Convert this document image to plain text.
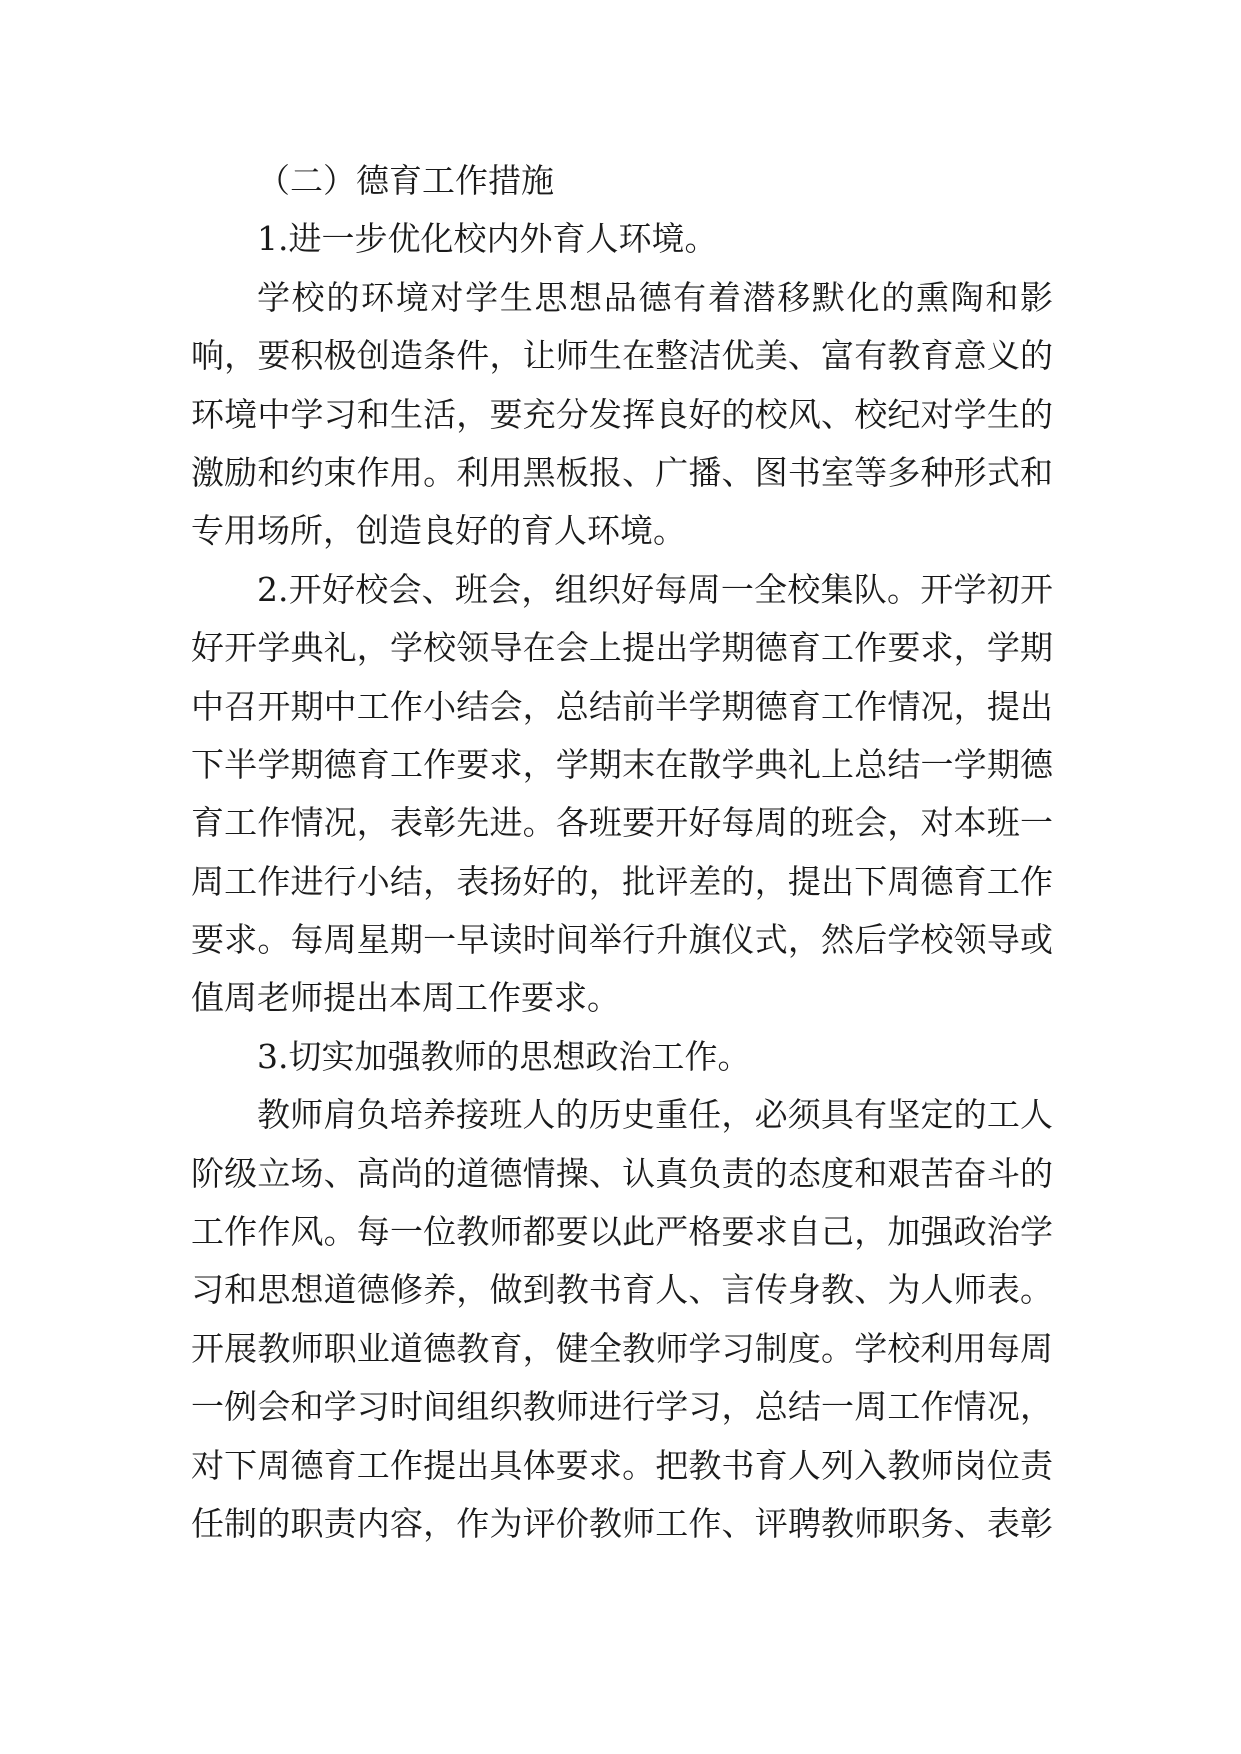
（二）德育工作措施
1.进一步优化校内外育人环境。
学校的环境对学生思想品德有着潜移默化的熏陶和影
响，要积极创造条件，让师生在整洁优美、富有教育意义的
环境中学习和生活，要充分发挥良好的校风、校纪对学生的
激励和约束作用。利用黑板报、广播、图书室等多种形式和
专用场所，创造良好的育人环境。
2.开好校会、班会，组织好每周一全校集队。开学初开
好开学典礼，学校领导在会上提出学期德育工作要求，学期
中召开期中工作小结会，总结前半学期德育工作情况，提出
下半学期德育工作要求，学期末在散学典礼上总结一学期德
育工作情况，表彰先进。各班要开好每周的班会，对本班一
周工作进行小结，表扬好的，批评差的，提出下周德育工作
要求。每周星期一早读时间举行升旗仪式，然后学校领导或
值周老师提出本周工作要求。
3.切实加强教师的思想政治工作。
教师肩负培养接班人的历史重任，必须具有坚定的工人
阶级立场、高尚的道德情操、认真负责的态度和艰苦奋斗的
工作作风。每一位教师都要以此严格要求自己，加强政治学
习和思想道德修养，做到教书育人、言传身教、为人师表。
开展教师职业道德教育，健全教师学习制度。学校利用每周
一例会和学习时间组织教师进行学习，总结一周工作情况，
对下周德育工作提出具体要求。把教书育人列入教师岗位责
任制的职责内容，作为评价教师工作、评聘教师职务、表彰
